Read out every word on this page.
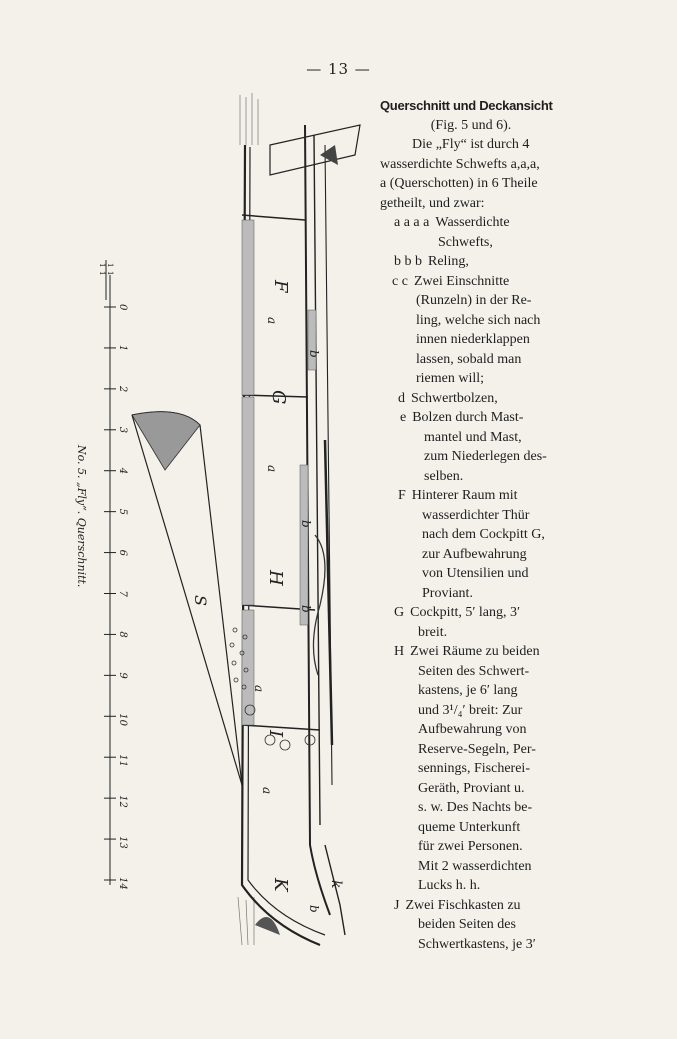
— 13 —
0
1
2
3
4
5
6
7
8
9
10
11
12
13
14
1
1
1
1
No. 5. „Fly“. Querschnitt.
F
G
H
I
K
S
a
a
a
a
b
b
b
b
k
Querschnitt und Deckansicht
(Fig. 5 und 6).
Die „Fly“ ist durch 4
wasserdichte Schwefts a,a,a,
a (Querschotten) in 6 Theile
getheilt, und zwar:
a a a a Wasserdichte
Schwefts,
b b b Reling,
c c Zwei Einschnitte
(Runzeln) in der Re-
ling, welche sich nach
innen niederklappen
lassen, sobald man
riemen will;
d Schwertbolzen,
e Bolzen durch Mast-
mantel und Mast,
zum Niederlegen des-
selben.
F Hinterer Raum mit
wasserdichter Thür
nach dem Cockpitt G,
zur Aufbewahrung
von Utensilien und
Proviant.
G Cockpitt, 5′ lang, 3′
breit.
H Zwei Räume zu beiden
Seiten des Schwert-
kastens, je 6′ lang
und 3¹/₄′ breit: Zur
Aufbewahrung von
Reserve-Segeln, Per-
sennings, Fischerei-
Geräth, Proviant u.
s. w. Des Nachts be-
queme Unterkunft
für zwei Personen.
Mit 2 wasserdichten
Lucks h. h.
J Zwei Fischkasten zu
beiden Seiten des
Schwertkastens, je 3′
